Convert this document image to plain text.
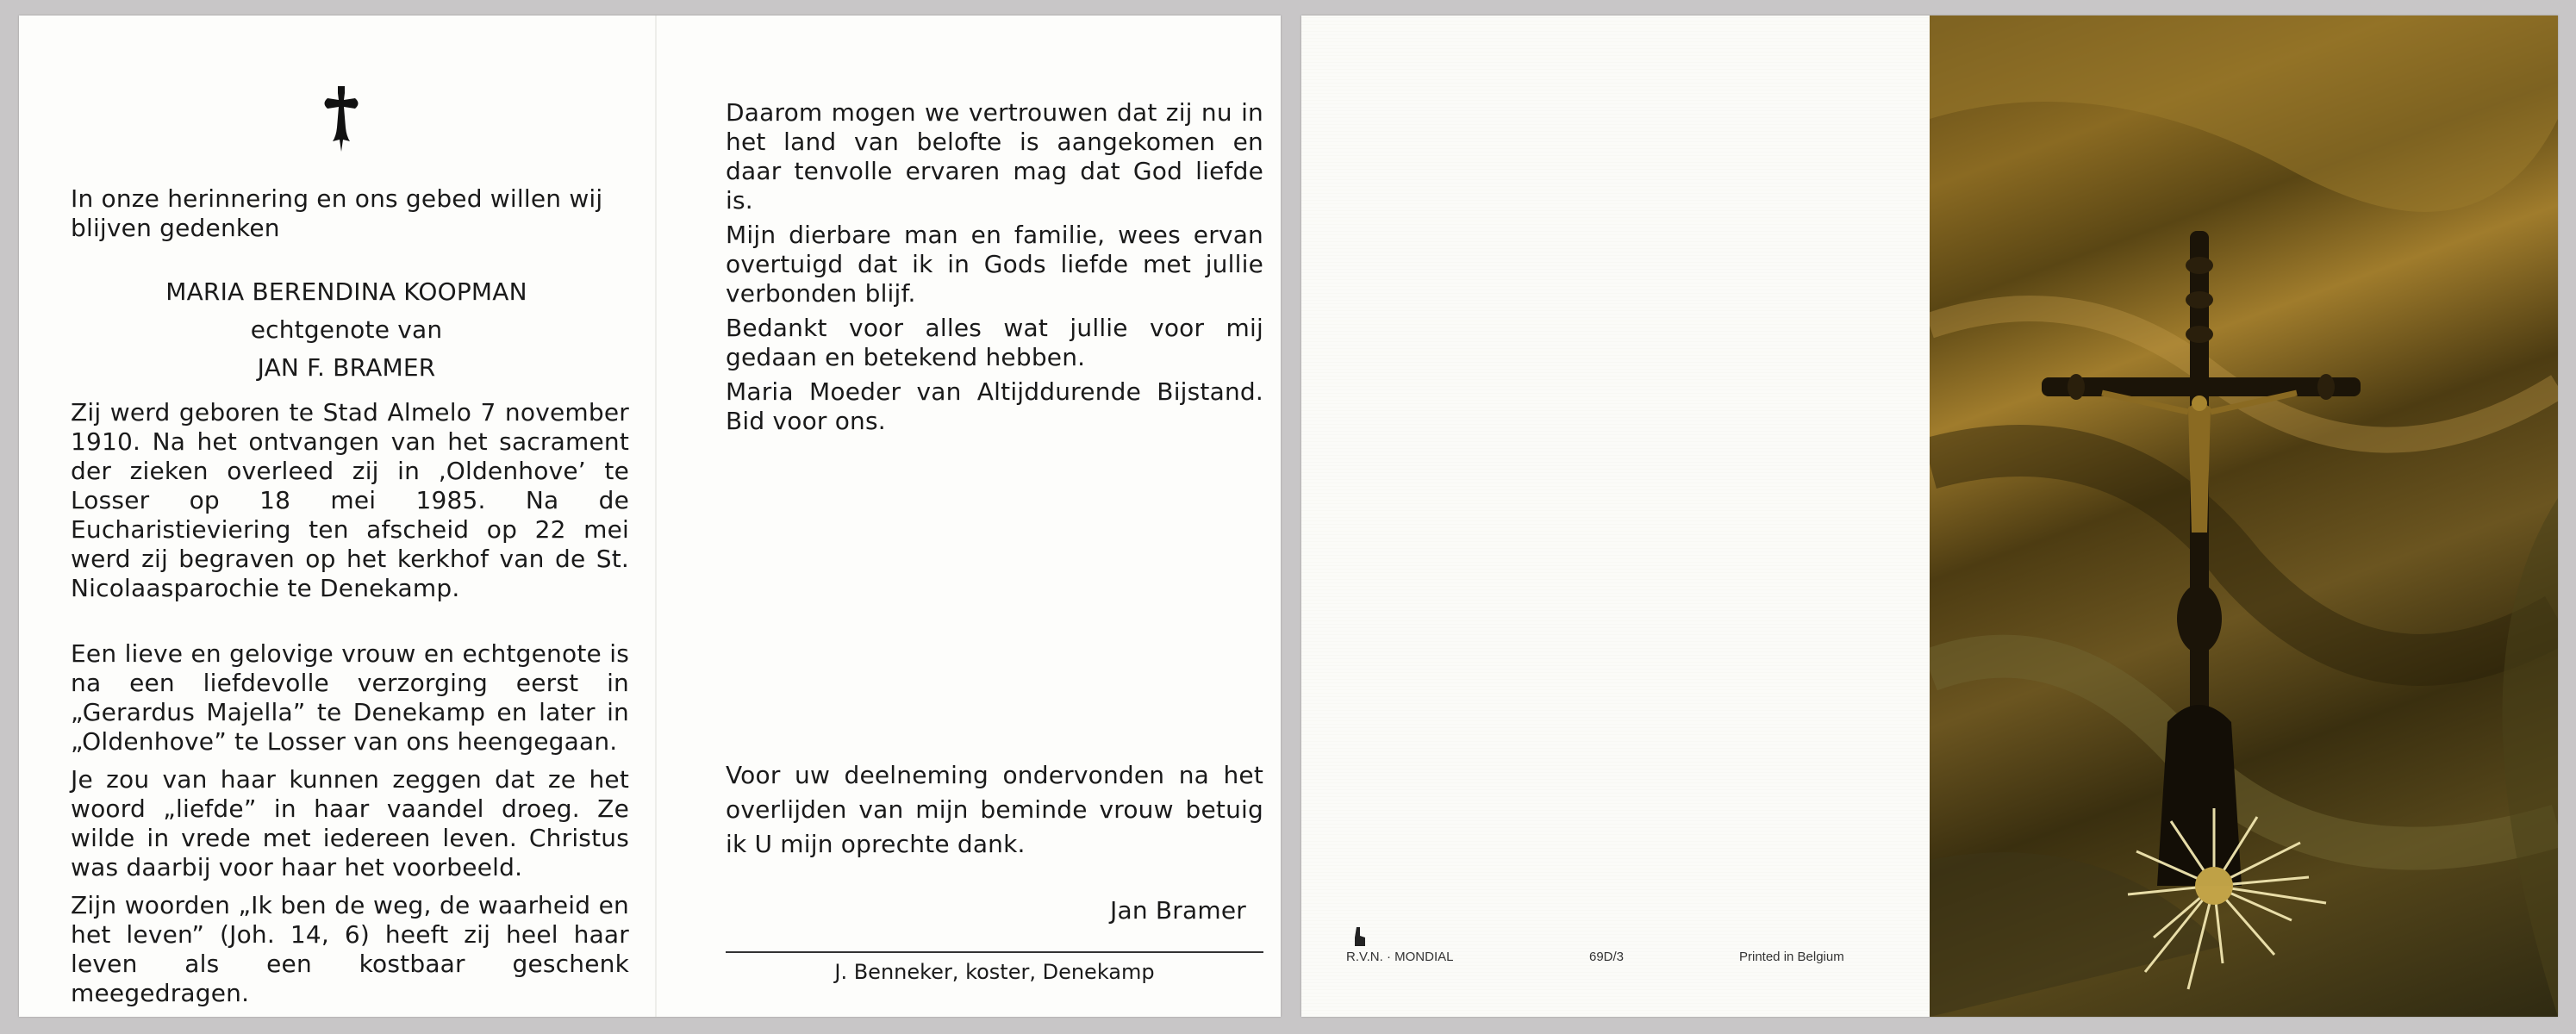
In onze herinnering en ons gebed willen wij blijven gedenken
MARIA BERENDINA KOOPMAN
echtgenote van
JAN F. BRAMER

Zij werd geboren te Stad Almelo 7 november 1910. Na het ontvangen van het sacrament der zieken overleed zij in ‚Oldenhove’ te Losser op 18 mei 1985. Na de Eucharistieviering ten afscheid op 22 mei werd zij begraven op het kerkhof van de St. Nicolaasparochie te Denekamp.

Een lieve en gelovige vrouw en echtgenote is na een liefdevolle verzorging eerst in „Gerardus Majella” te Denekamp en later in „Oldenhove” te Losser van ons heengegaan.

Je zou van haar kunnen zeggen dat ze het woord „liefde” in haar vaandel droeg. Ze wilde in vrede met iedereen leven. Christus was daarbij voor haar het voorbeeld.

Zijn woorden „Ik ben de weg, de waarheid en het leven” (Joh. 14, 6) heeft zij heel haar leven als een kostbaar geschenk meegedragen.

Daarom mogen we vertrouwen dat zij nu in het land van belofte is aangekomen en daar tenvolle ervaren mag dat God liefde is.

Mijn dierbare man en familie, wees ervan overtuigd dat ik in Gods liefde met jullie verbonden blijf.

Bedankt voor alles wat jullie voor mij gedaan en betekend hebben.

Maria Moeder van Altijddurende Bijstand. Bid voor ons.

Voor uw deelneming ondervonden na het overlijden van mijn beminde vrouw betuig ik U mijn oprechte dank.
Jan Bramer
J. Benneker, koster, Denekamp
R.V.N. · MONDIAL	69D/3	Printed in Belgium
